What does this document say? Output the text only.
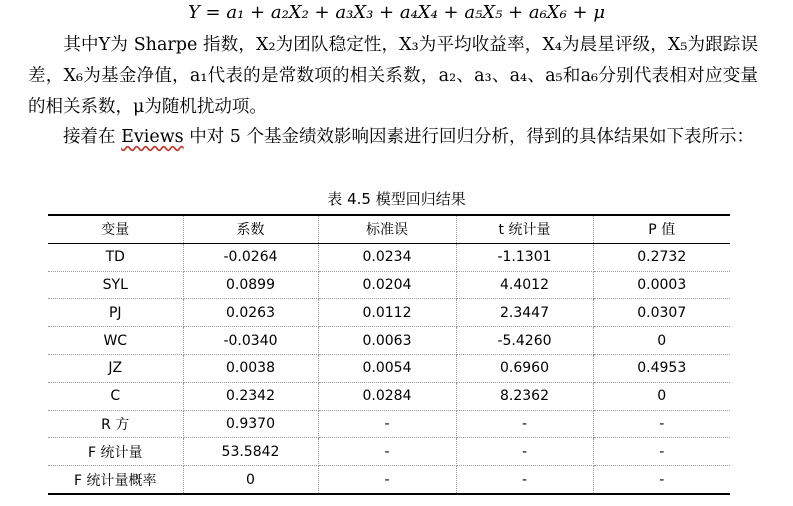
Y = a₁ + a₂X₂ + a₃X₃ + a₄X₄ + a₅X₅ + a₆X₆ + μ

　　其中Y为 Sharpe 指数，X₂为团队稳定性，X₃为平均收益率，X₄为晨星评级，X₅为跟踪误差，X₆为基金净值，a₁代表的是常数项的相关系数，a₂、a₃、a₄、a₅和a₆分别代表相对应变量的相关系数，μ为随机扰动项。

　　接着在 Eviews 中对 5 个基金绩效影响因素进行回归分析，得到的具体结果如下表所示：

表 4.5 模型回归结果
变量	系数	标准误	t 统计量	P 值
TD	-0.0264	0.0234	-1.1301	0.2732
SYL	0.0899	0.0204	4.4012	0.0003
PJ	0.0263	0.0112	2.3447	0.0307
WC	-0.0340	0.0063	-5.4260	0
JZ	0.0038	0.0054	0.6960	0.4953
C	0.2342	0.0284	8.2362	0
R 方	0.9370	-	-	-
F 统计量	53.5842	-	-	-
F 统计量概率	0	-	-	-
